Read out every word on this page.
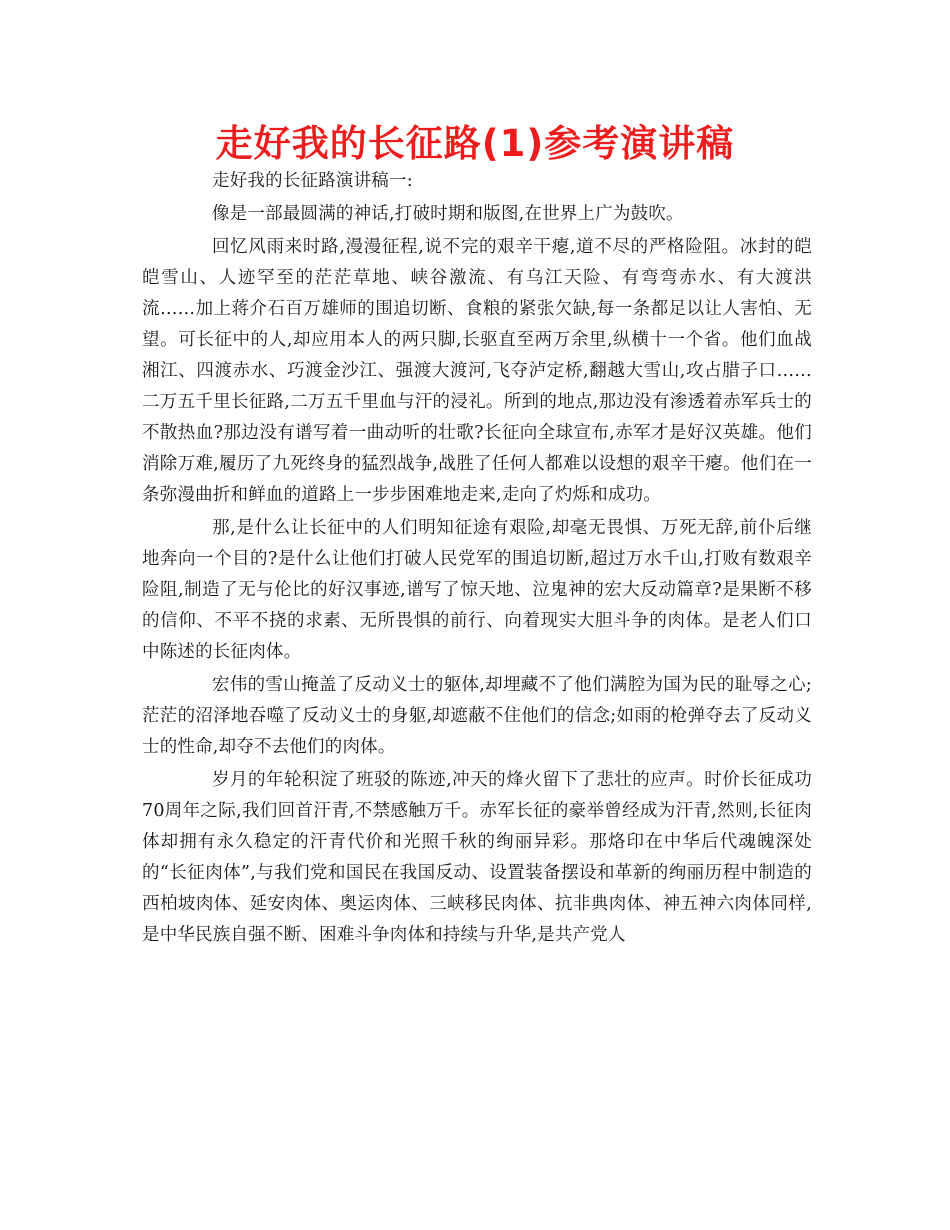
走好我的长征路(1)参考演讲稿

走好我的长征路演讲稿一:

像是一部最圆满的神话,打破时期和版图,在世界上广为鼓吹。

回忆风雨来时路,漫漫征程,说不完的艰辛干瘪,道不尽的严格险阻。冰封的皑皑雪山、人迹罕至的茫茫草地、峡谷激流、有乌江天险、有弯弯赤水、有大渡洪流……加上蒋介石百万雄师的围追切断、食粮的紧张欠缺,每一条都足以让人害怕、无望。可长征中的人,却应用本人的两只脚,长驱直至两万余里,纵横十一个省。他们血战湘江、四渡赤水、巧渡金沙江、强渡大渡河,飞夺泸定桥,翻越大雪山,攻占腊子口……二万五千里长征路,二万五千里血与汗的浸礼。所到的地点,那边没有渗透着赤军兵士的不散热血?那边没有谱写着一曲动听的壮歌?长征向全球宣布,赤军才是好汉英雄。他们消除万难,履历了九死终身的猛烈战争,战胜了任何人都难以设想的艰辛干瘪。他们在一条弥漫曲折和鲜血的道路上一步步困难地走来,走向了灼烁和成功。

那,是什么让长征中的人们明知征途有艰险,却毫无畏惧、万死无辞,前仆后继地奔向一个目的?是什么让他们打破人民党军的围追切断,超过万水千山,打败有数艰辛险阻,制造了无与伦比的好汉事迹,谱写了惊天地、泣鬼神的宏大反动篇章?是果断不移的信仰、不平不挠的求素、无所畏惧的前行、向着现实大胆斗争的肉体。是老人们口中陈述的长征肉体。

宏伟的雪山掩盖了反动义士的躯体,却埋藏不了他们满腔为国为民的耻辱之心;茫茫的沼泽地吞噬了反动义士的身躯,却遮蔽不住他们的信念;如雨的枪弹夺去了反动义士的性命,却夺不去他们的肉体。

岁月的年轮积淀了班驳的陈迹,冲天的烽火留下了悲壮的应声。时价长征成功70周年之际,我们回首汗青,不禁感触万千。赤军长征的豪举曾经成为汗青,然则,长征肉体却拥有永久稳定的汗青代价和光照千秋的绚丽异彩。那烙印在中华后代魂魄深处的“长征肉体”,与我们党和国民在我国反动、设置装备摆设和革新的绚丽历程中制造的西柏坡肉体、延安肉体、奥运肉体、三峡移民肉体、抗非典肉体、神五神六肉体同样,是中华民族自强不断、困难斗争肉体和持续与升华,是共产党人
